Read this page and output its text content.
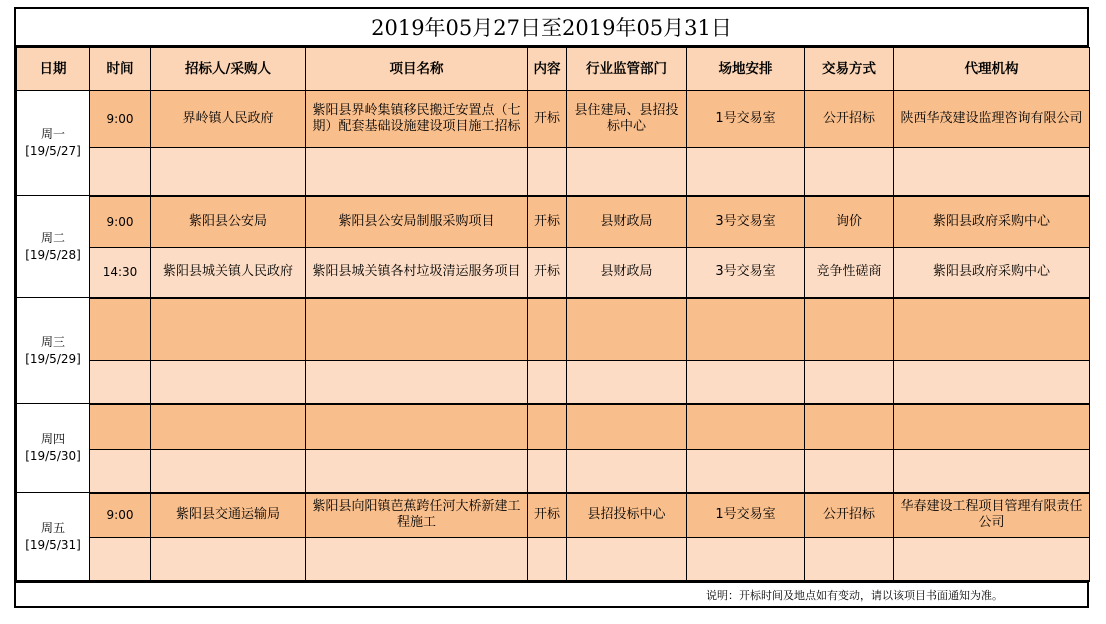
2019年05月27日至2019年05月31日
日期	时间	招标人/采购人	项目名称	内容	行业监管部门	场地安排	交易方式	代理机构

周一
[19/5/27]	9:00	界岭镇人民政府	紫阳县界岭集镇移民搬迁安置点（七期）配套基础设施建设项目施工招标	开标	县住建局、县招投标中心	1号交易室	公开招标	陕西华茂建设监理咨询有限公司

周二
[19/5/28]	9:00	紫阳县公安局	紫阳县公安局制服采购项目	开标	县财政局	3号交易室	询价	紫阳县政府采购中心
	14:30	紫阳县城关镇人民政府	紫阳县城关镇各村垃圾清运服务项目	开标	县财政局	3号交易室	竞争性磋商	紫阳县政府采购中心

周三
[19/5/29]								

周四
[19/5/30]								

周五
[19/5/31]	9:00	紫阳县交通运输局	紫阳县向阳镇芭蕉跨任河大桥新建工程施工	开标	县招投标中心	1号交易室	公开招标	华春建设工程项目管理有限责任公司

说明：开标时间及地点如有变动，请以该项目书面通知为准。
